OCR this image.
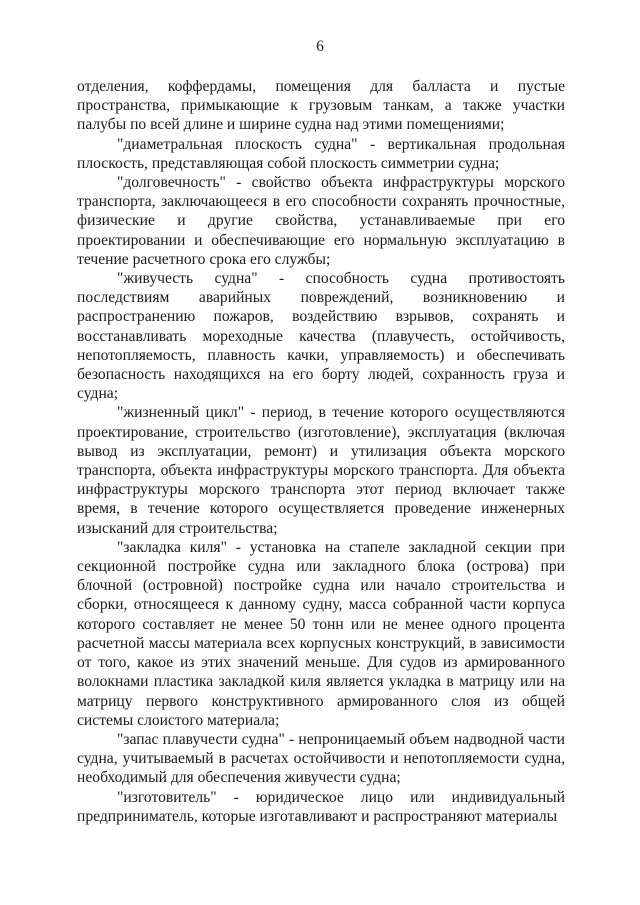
6

отделения, коффердамы, помещения для балласта и пустые пространства, примыкающие к грузовым танкам, а также участки палубы по всей длине и ширине судна над этими помещениями;

"диаметральная плоскость судна" - вертикальная продольная плоскость, представляющая собой плоскость симметрии судна;

"долговечность" - свойство объекта инфраструктуры морского транспорта, заключающееся в его способности сохранять прочностные, физические и другие свойства, устанавливаемые при его проектировании и обеспечивающие его нормальную эксплуатацию в течение расчетного срока его службы;

"живучесть судна" - способность судна противостоять последствиям аварийных повреждений, возникновению и распространению пожаров, воздействию взрывов, сохранять и восстанавливать мореходные качества (плавучесть, остойчивость, непотопляемость, плавность качки, управляемость) и обеспечивать безопасность находящихся на его борту людей, сохранность груза и судна;

"жизненный цикл" - период, в течение которого осуществляются проектирование, строительство (изготовление), эксплуатация (включая вывод из эксплуатации, ремонт) и утилизация объекта морского транспорта, объекта инфраструктуры морского транспорта. Для объекта инфраструктуры морского транспорта этот период включает также время, в течение которого осуществляется проведение инженерных изысканий для строительства;

"закладка киля" - установка на стапеле закладной секции при секционной постройке судна или закладного блока (острова) при блочной (островной) постройке судна или начало строительства и сборки, относящееся к данному судну, масса собранной части корпуса которого составляет не менее 50 тонн или не менее одного процента расчетной массы материала всех корпусных конструкций, в зависимости от того, какое из этих значений меньше. Для судов из армированного волокнами пластика закладкой киля является укладка в матрицу или на матрицу первого конструктивного армированного слоя из общей системы слоистого материала;

"запас плавучести судна" - непроницаемый объем надводной части судна, учитываемый в расчетах остойчивости и непотопляемости судна, необходимый для обеспечения живучести судна;

"изготовитель" - юридическое лицо или индивидуальный предприниматель, которые изготавливают и распространяют материалы
